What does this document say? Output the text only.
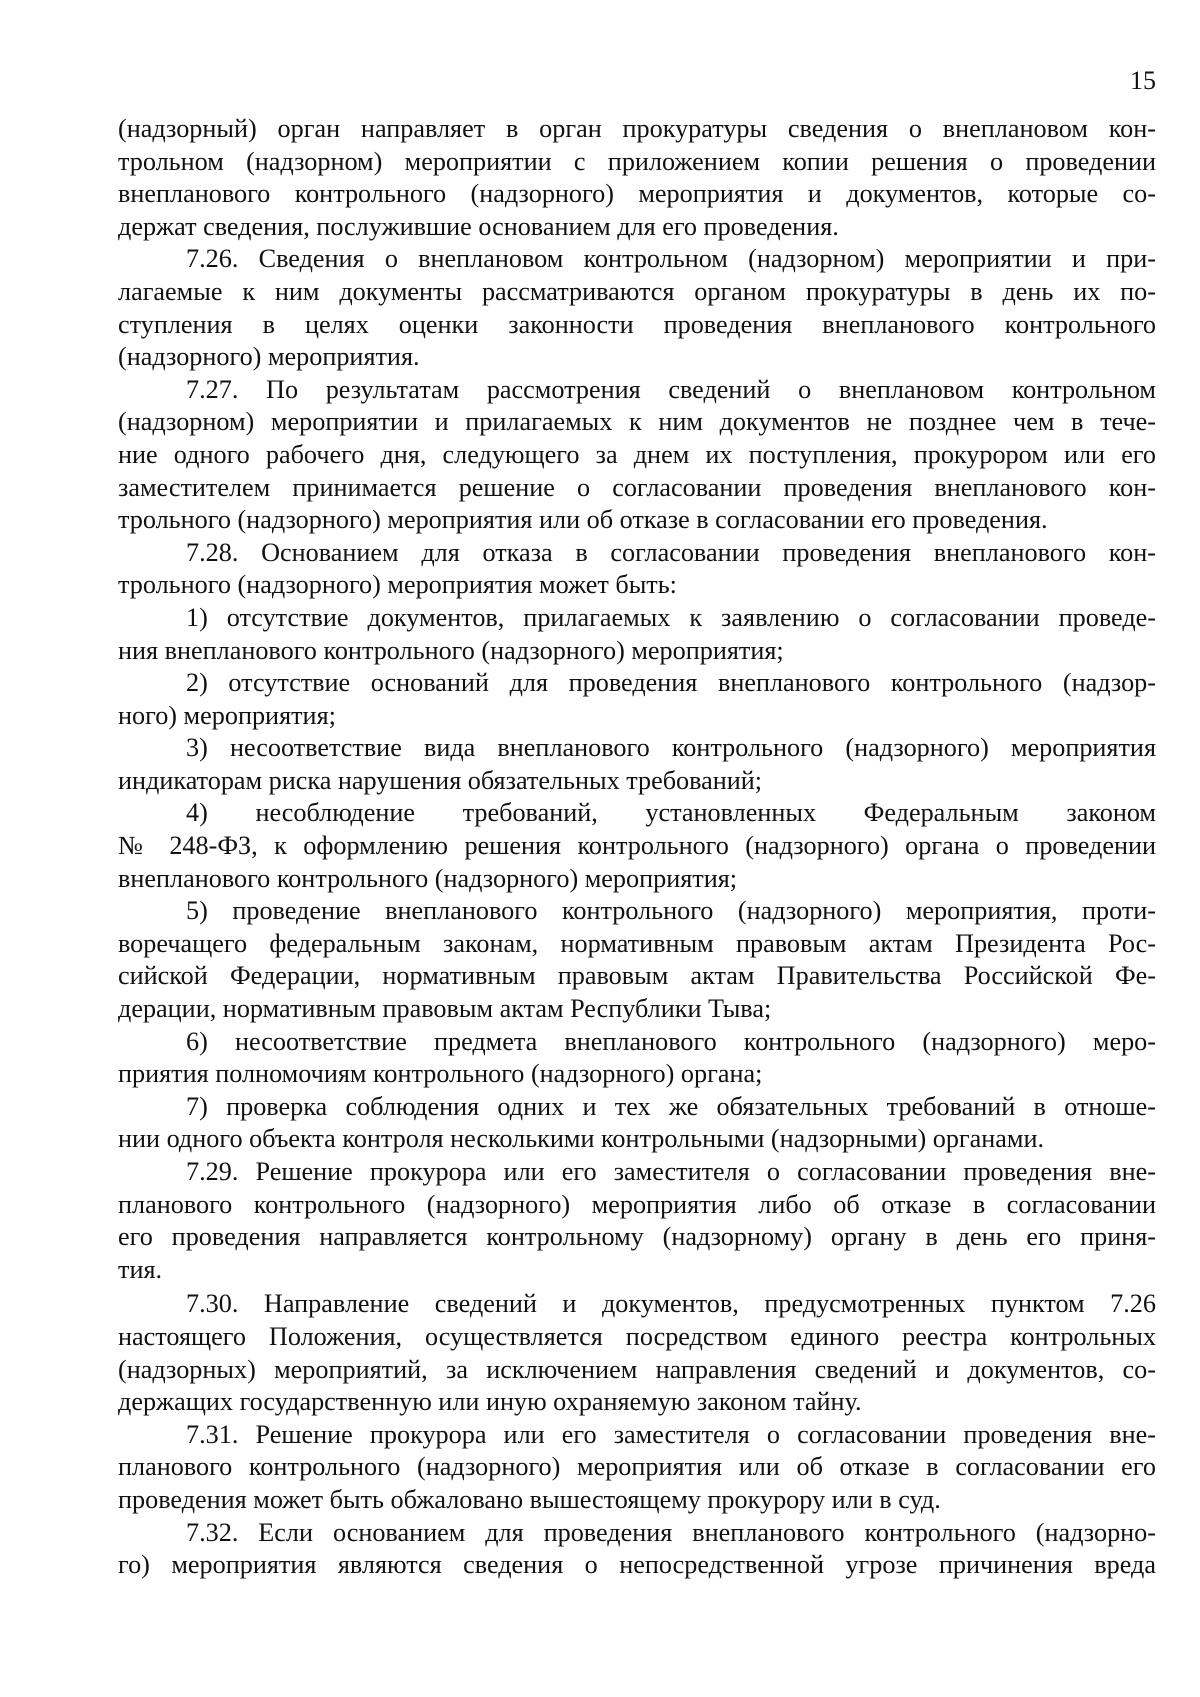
15
(надзорный) орган направляет в орган прокуратуры сведения о внеплановом кон-
трольном (надзорном) мероприятии с приложением копии решения о проведении
внепланового контрольного (надзорного) мероприятия и документов, которые со-
держат сведения, послужившие основанием для его проведения.
7.26. Сведения о внеплановом контрольном (надзорном) мероприятии и при-
лагаемые к ним документы рассматриваются органом прокуратуры в день их по-
ступления в целях оценки законности проведения внепланового контрольного
(надзорного) мероприятия.
7.27. По результатам рассмотрения сведений о внеплановом контрольном
(надзорном) мероприятии и прилагаемых к ним документов не позднее чем в тече-
ние одного рабочего дня, следующего за днем их поступления, прокурором или его
заместителем принимается решение о согласовании проведения внепланового кон-
трольного (надзорного) мероприятия или об отказе в согласовании его проведения.
7.28. Основанием для отказа в согласовании проведения внепланового кон-
трольного (надзорного) мероприятия может быть:
1) отсутствие документов, прилагаемых к заявлению о согласовании проведе-
ния внепланового контрольного (надзорного) мероприятия;
2) отсутствие оснований для проведения внепланового контрольного (надзор-
ного) мероприятия;
3) несоответствие вида внепланового контрольного (надзорного) мероприятия
индикаторам риска нарушения обязательных требований;
4) несоблюдение требований, установленных Федеральным законом
№ 248-ФЗ, к оформлению решения контрольного (надзорного) органа о проведении
внепланового контрольного (надзорного) мероприятия;
5) проведение внепланового контрольного (надзорного) мероприятия, проти-
воречащего федеральным законам, нормативным правовым актам Президента Рос-
сийской Федерации, нормативным правовым актам Правительства Российской Фе-
дерации, нормативным правовым актам Республики Тыва;
6) несоответствие предмета внепланового контрольного (надзорного) меро-
приятия полномочиям контрольного (надзорного) органа;
7) проверка соблюдения одних и тех же обязательных требований в отноше-
нии одного объекта контроля несколькими контрольными (надзорными) органами.
7.29. Решение прокурора или его заместителя о согласовании проведения вне-
планового контрольного (надзорного) мероприятия либо об отказе в согласовании
его проведения направляется контрольному (надзорному) органу в день его приня-
тия.
7.30. Направление сведений и документов, предусмотренных пунктом 7.26
настоящего Положения, осуществляется посредством единого реестра контрольных
(надзорных) мероприятий, за исключением направления сведений и документов, со-
держащих государственную или иную охраняемую законом тайну.
7.31. Решение прокурора или его заместителя о согласовании проведения вне-
планового контрольного (надзорного) мероприятия или об отказе в согласовании его
проведения может быть обжаловано вышестоящему прокурору или в суд.
7.32. Если основанием для проведения внепланового контрольного (надзорно-
го) мероприятия являются сведения о непосредственной угрозе причинения вреда
